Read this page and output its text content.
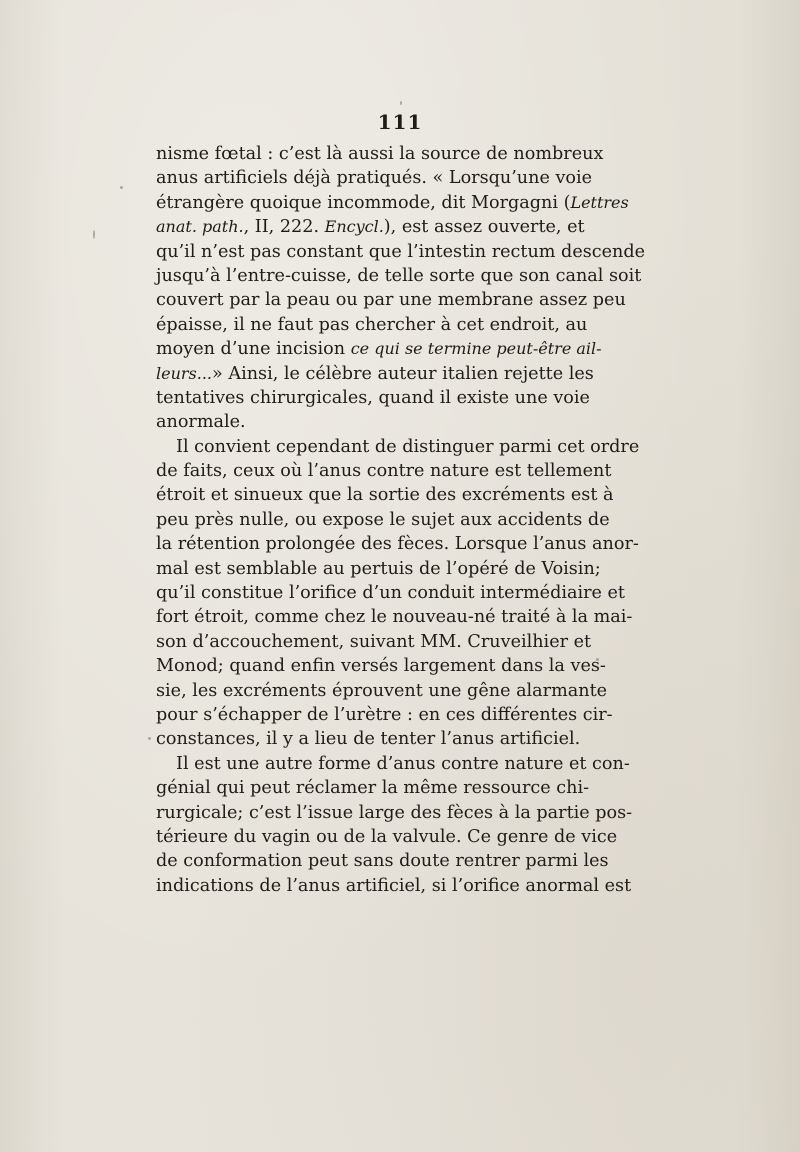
111
nisme fœtal : c’est là aussi la source de nombreux
anus artificiels déjà pratiqués. « Lorsqu’une voie
étrangère quoique incommode, dit Morgagni (Lettres
anat. path., II, 222. Encycl.), est assez ouverte, et
qu’il n’est pas constant que l’intestin rectum descende
jusqu’à l’entre-cuisse, de telle sorte que son canal soit
couvert par la peau ou par une membrane assez peu
épaisse, il ne faut pas chercher à cet endroit, au
moyen d’une incision ce qui se termine peut-être ail-
leurs...» Ainsi, le célèbre auteur italien rejette les
tentatives chirurgicales, quand il existe une voie
anormale.
Il convient cependant de distinguer parmi cet ordre
de faits, ceux où l’anus contre nature est tellement
étroit et sinueux que la sortie des excréments est à
peu près nulle, ou expose le sujet aux accidents de
la rétention prolongée des fèces. Lorsque l’anus anor-
mal est semblable au pertuis de l’opéré de Voisin;
qu’il constitue l’orifice d’un conduit intermédiaire et
fort étroit, comme chez le nouveau-né traité à la mai-
son d’accouchement, suivant MM. Cruveilhier et
Monod; quand enfin versés largement dans la ves-
sie, les excréments éprouvent une gêne alarmante
pour s’échapper de l’urètre : en ces différentes cir-
constances, il y a lieu de tenter l’anus artificiel.
Il est une autre forme d’anus contre nature et con-
génial qui peut réclamer la même ressource chi-
rurgicale; c’est l’issue large des fèces à la partie pos-
térieure du vagin ou de la valvule. Ce genre de vice
de conformation peut sans doute rentrer parmi les
indications de l’anus artificiel, si l’orifice anormal est
